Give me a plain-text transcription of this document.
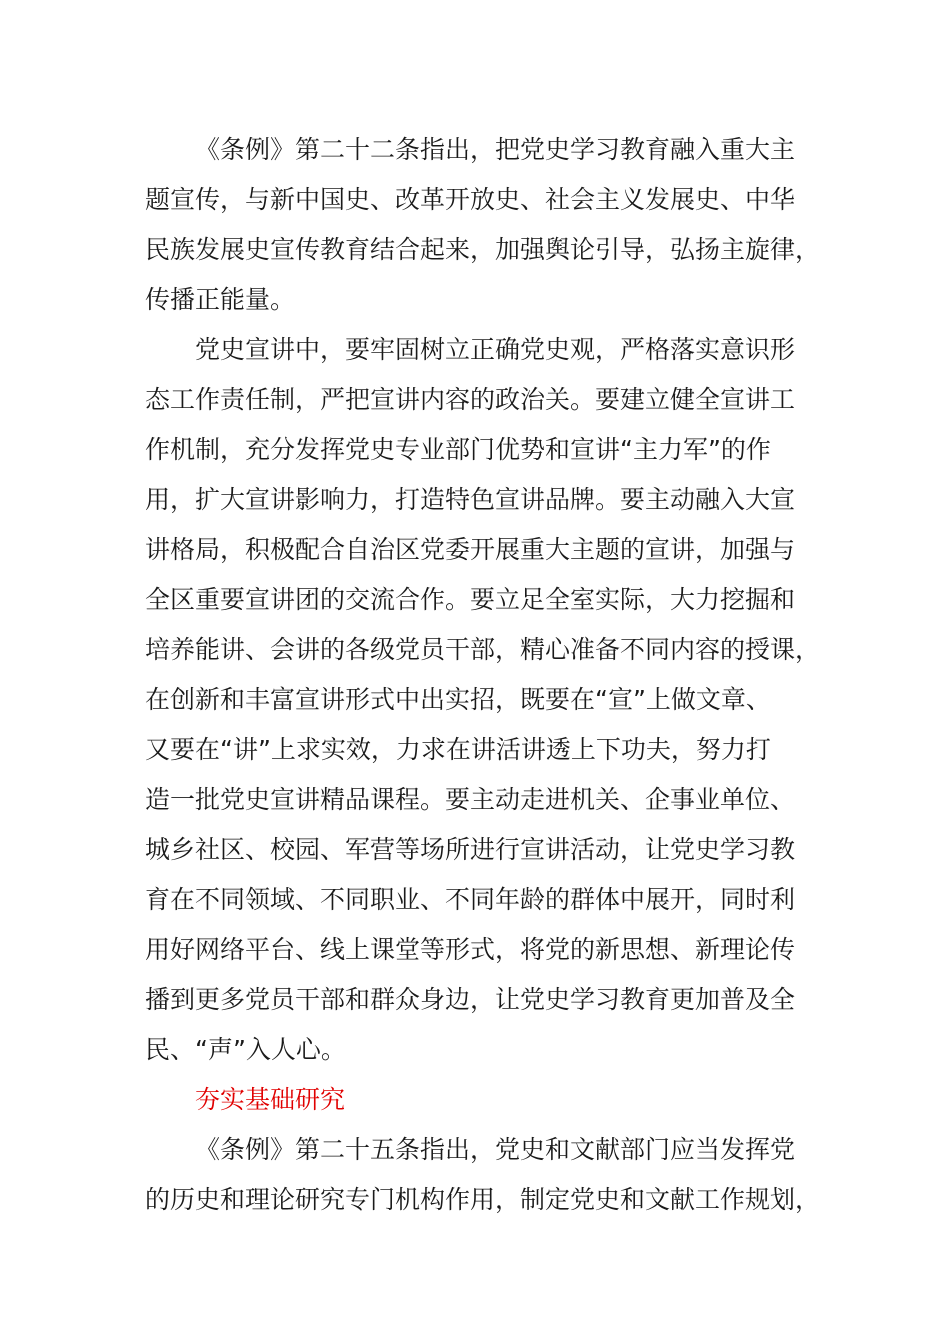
《条例》第二十二条指出，把党史学习教育融入重大主
题宣传，与新中国史、改革开放史、社会主义发展史、中华
民族发展史宣传教育结合起来，加强舆论引导，弘扬主旋律，
传播正能量。
党史宣讲中，要牢固树立正确党史观，严格落实意识形
态工作责任制，严把宣讲内容的政治关。要建立健全宣讲工
作机制，充分发挥党史专业部门优势和宣讲“主力军”的作
用，扩大宣讲影响力，打造特色宣讲品牌。要主动融入大宣
讲格局，积极配合自治区党委开展重大主题的宣讲，加强与
全区重要宣讲团的交流合作。要立足全室实际，大力挖掘和
培养能讲、会讲的各级党员干部，精心准备不同内容的授课，
在创新和丰富宣讲形式中出实招，既要在“宣”上做文章、
又要在“讲”上求实效，力求在讲活讲透上下功夫，努力打
造一批党史宣讲精品课程。要主动走进机关、企事业单位、
城乡社区、校园、军营等场所进行宣讲活动，让党史学习教
育在不同领域、不同职业、不同年龄的群体中展开，同时利
用好网络平台、线上课堂等形式，将党的新思想、新理论传
播到更多党员干部和群众身边，让党史学习教育更加普及全
民、“声”入人心。
夯实基础研究
《条例》第二十五条指出，党史和文献部门应当发挥党
的历史和理论研究专门机构作用，制定党史和文献工作规划，
